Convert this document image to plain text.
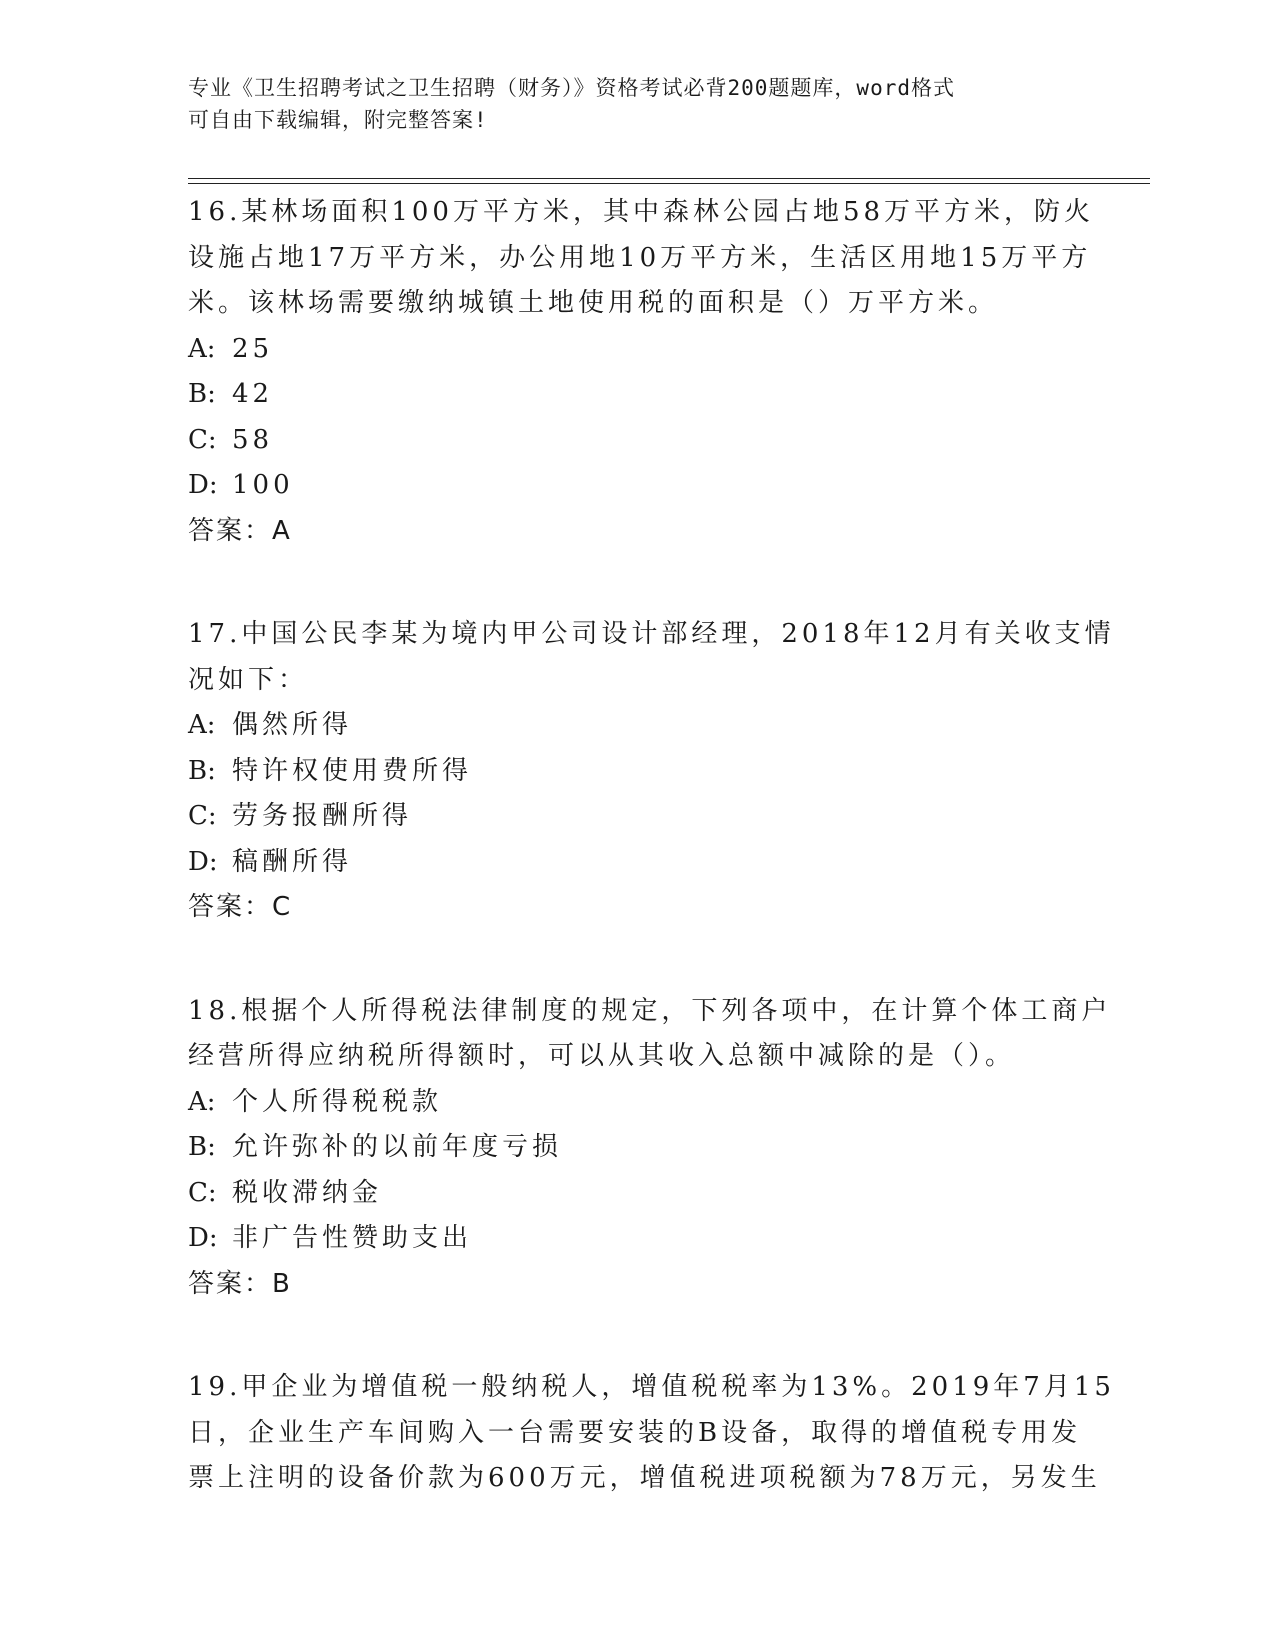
专业《卫生招聘考试之卫生招聘（财务）》资格考试必背200题题库，word格式
可自由下载编辑，附完整答案!
16.某林场面积100万平方米，其中森林公园占地58万平方米，防火
设施占地17万平方米，办公用地10万平方米，生活区用地15万平方
米。该林场需要缴纳城镇土地使用税的面积是（）万平方米。
A: 25
B: 42
C: 58
D: 100
答案：A
17.中国公民李某为境内甲公司设计部经理，2018年12月有关收支情
况如下：
A: 偶然所得
B: 特许权使用费所得
C: 劳务报酬所得
D: 稿酬所得
答案：C
18.根据个人所得税法律制度的规定，下列各项中，在计算个体工商户
经营所得应纳税所得额时，可以从其收入总额中减除的是（）。
A: 个人所得税税款
B: 允许弥补的以前年度亏损
C: 税收滞纳金
D: 非广告性赞助支出
答案：B
19.甲企业为增值税一般纳税人，增值税税率为13%。2019年7月15
日，企业生产车间购入一台需要安装的B设备，取得的增值税专用发
票上注明的设备价款为600万元，增值税进项税额为78万元，另发生
